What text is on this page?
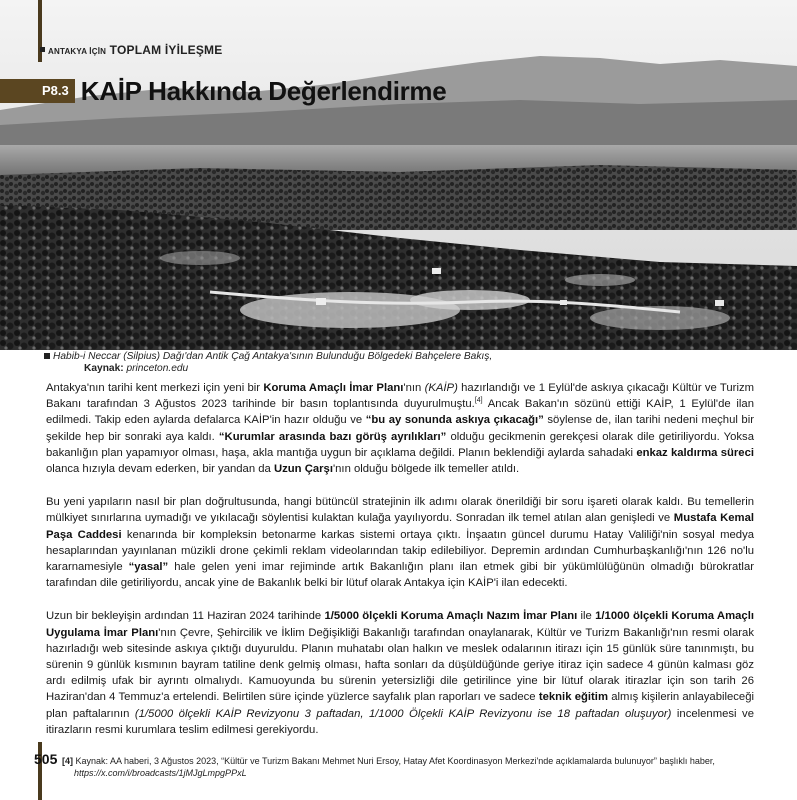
ANTAKYA İÇİN TOPLAM İYİLEŞME
P8.3 KAİP Hakkında Değerlendirme
Habib-i Neccar (Silpius) Dağı'dan Antik Çağ Antakya'sının Bulunduğu Bölgedeki Bahçelere Bakış,
Kaynak: princeton.edu

Antakya'nın tarihi kent merkezi için yeni bir Koruma Amaçlı İmar Planı'nın (KAİP) hazırlandığı ve 1 Eylül'de askıya çıkacağı Kültür ve Turizm Bakanı tarafından 3 Ağustos 2023 tarihinde bir basın toplantısında duyurulmuştu.[4] Ancak Bakan'ın sözünü ettiği KAİP, 1 Eylül'de ilan edilmedi. Takip eden aylarda defalarca KAİP'in hazır olduğu ve “bu ay sonunda askıya çıkacağı” söylense de, ilan tarihi nedeni meçhul bir şekilde hep bir sonraki aya kaldı. “Kurumlar arasında bazı görüş ayrılıkları” olduğu gecikmenin gerekçesi olarak dile getiriliyordu. Yoksa bakanlığın plan yapamıyor olması, haşa, akla mantığa uygun bir açıklama değildi. Planın beklendiği aylarda sahadaki enkaz kaldırma süreci olanca hızıyla devam ederken, bir yandan da Uzun Çarşı'nın olduğu bölgede ilk temeller atıldı.

Bu yeni yapıların nasıl bir plan doğrultusunda, hangi bütüncül stratejinin ilk adımı olarak önerildiği bir soru işareti olarak kaldı. Bu temellerin mülkiyet sınırlarına uymadığı ve yıkılacağı söylentisi kulaktan kulağa yayılıyordu. Sonradan ilk temel atılan alan genişledi ve Mustafa Kemal Paşa Caddesi kenarında bir kompleksin betonarme karkas sistemi ortaya çıktı. İnşaatın güncel durumu Hatay Valiliği'nin sosyal medya hesaplarından yayınlanan müzikli drone çekimli reklam videolarından takip edilebiliyor. Depremin ardından Cumhurbaşkanlığı'nın 126 no'lu kararnamesiyle “yasal” hale gelen yeni imar rejiminde artık Bakanlığın planı ilan etmek gibi bir yükümlülüğünün olmadığı bürokratlar tarafından dile getiriliyordu, ancak yine de Bakanlık belki bir lütuf olarak Antakya için KAİP'i ilan edecekti.

Uzun bir bekleyişin ardından 11 Haziran 2024 tarihinde 1/5000 ölçekli Koruma Amaçlı Nazım İmar Planı ile 1/1000 ölçekli Koruma Amaçlı Uygulama İmar Planı'nın Çevre, Şehircilik ve İklim Değişikliği Bakanlığı tarafından onaylanarak, Kültür ve Turizm Bakanlığı'nın resmi olarak hazırladığı web sitesinde askıya çıktığı duyuruldu. Planın muhatabı olan halkın ve meslek odalarının itirazı için 15 günlük süre tanınmıştı, bu sürenin 9 günlük kısmının bayram tatiline denk gelmiş olması, hafta sonları da düşüldüğünde geriye itiraz için sadece 4 günün kalması göz ardı edilmiş ufak bir ayrıntı olmalıydı. Kamuoyunda bu sürenin yetersizliği dile getirilince yine bir lütuf olarak itirazlar için son tarih 26 Haziran'dan 4 Temmuz'a ertelendi. Belirtilen süre içinde yüzlerce sayfalık plan raporları ve sadece teknik eğitim almış kişilerin anlayabileceği plan paftalarının (1/5000 ölçekli KAİP Revizyonu 3 paftadan, 1/1000 Ölçekli KAİP Revizyonu ise 18 paftadan oluşuyor) incelenmesi ve itirazların resmi kurumlara teslim edilmesi gerekiyordu.

505 [4] Kaynak: AA haberi, 3 Ağustos 2023, “Kültür ve Turizm Bakanı Mehmet Nuri Ersoy, Hatay Afet Koordinasyon Merkezi'nde açıklamalarda bulunuyor” başlıklı haber,
https://x.com/i/broadcasts/1jMJgLmpgPPxL
